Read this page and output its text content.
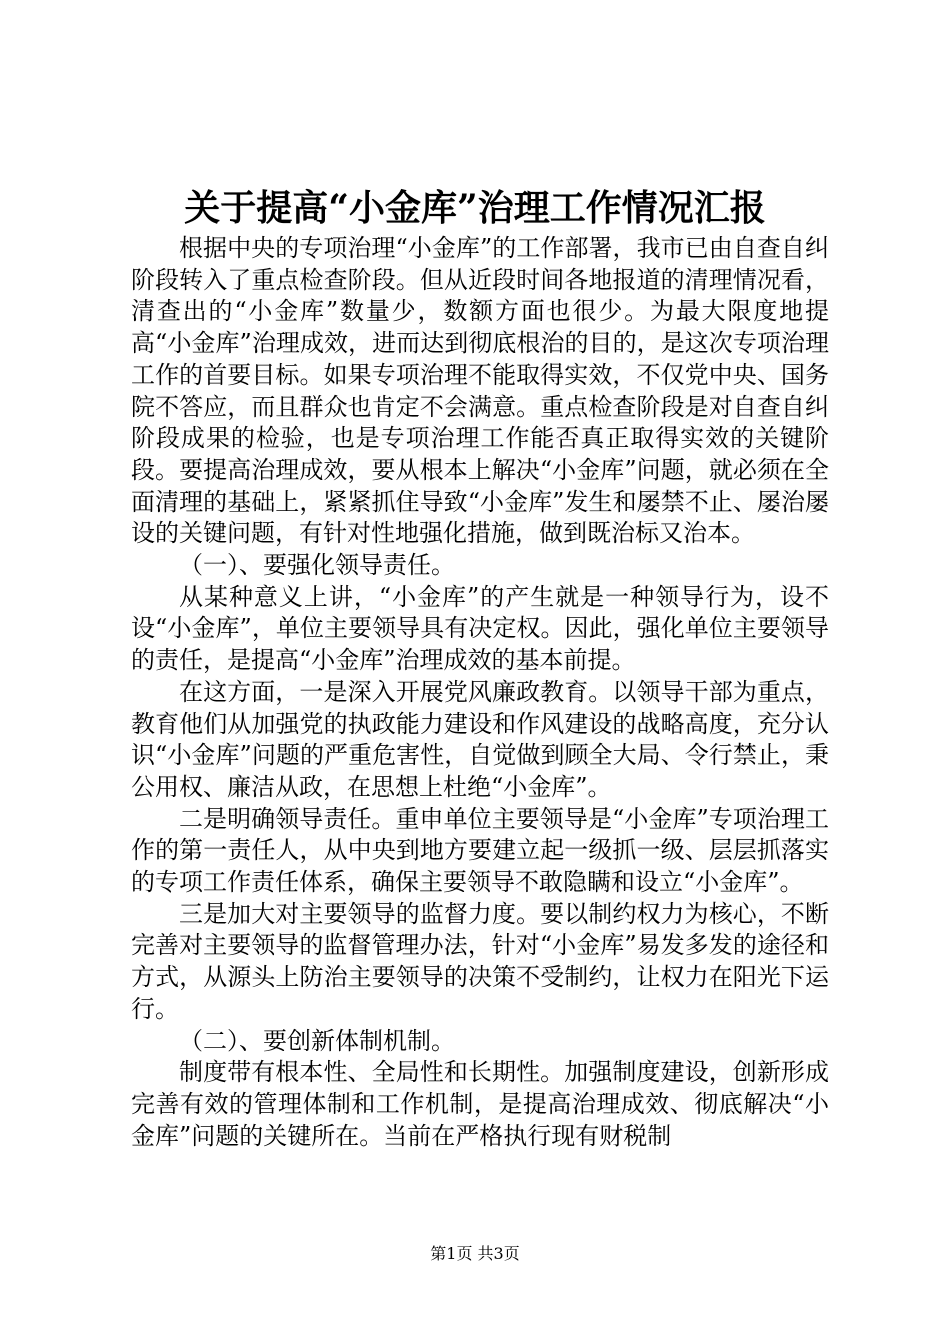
关于提高“小金库”治理工作情况汇报

根据中央的专项治理“小金库”的工作部署，我市已由自查自纠阶段转入了重点检查阶段。但从近段时间各地报道的清理情况看，清查出的“小金库”数量少，数额方面也很少。为最大限度地提高“小金库”治理成效，进而达到彻底根治的目的，是这次专项治理工作的首要目标。如果专项治理不能取得实效，不仅党中央、国务院不答应，而且群众也肯定不会满意。重点检查阶段是对自查自纠阶段成果的检验，也是专项治理工作能否真正取得实效的关键阶段。要提高治理成效，要从根本上解决“小金库”问题，就必须在全面清理的基础上，紧紧抓住导致“小金库”发生和屡禁不止、屡治屡设的关键问题，有针对性地强化措施，做到既治标又治本。

（一）、要强化领导责任。

从某种意义上讲，“小金库”的产生就是一种领导行为，设不设“小金库”，单位主要领导具有决定权。因此，强化单位主要领导的责任，是提高“小金库”治理成效的基本前提。

在这方面，一是深入开展党风廉政教育。以领导干部为重点，教育他们从加强党的执政能力建设和作风建设的战略高度，充分认识“小金库”问题的严重危害性，自觉做到顾全大局、令行禁止，秉公用权、廉洁从政，在思想上杜绝“小金库”。

二是明确领导责任。重申单位主要领导是“小金库”专项治理工作的第一责任人，从中央到地方要建立起一级抓一级、层层抓落实的专项工作责任体系，确保主要领导不敢隐瞒和设立“小金库”。

三是加大对主要领导的监督力度。要以制约权力为核心，不断完善对主要领导的监督管理办法，针对“小金库”易发多发的途径和方式，从源头上防治主要领导的决策不受制约，让权力在阳光下运行。

（二）、要创新体制机制。

制度带有根本性、全局性和长期性。加强制度建设，创新形成完善有效的管理体制和工作机制，是提高治理成效、彻底解决“小金库”问题的关键所在。当前在严格执行现有财税制

第1页 共3页
